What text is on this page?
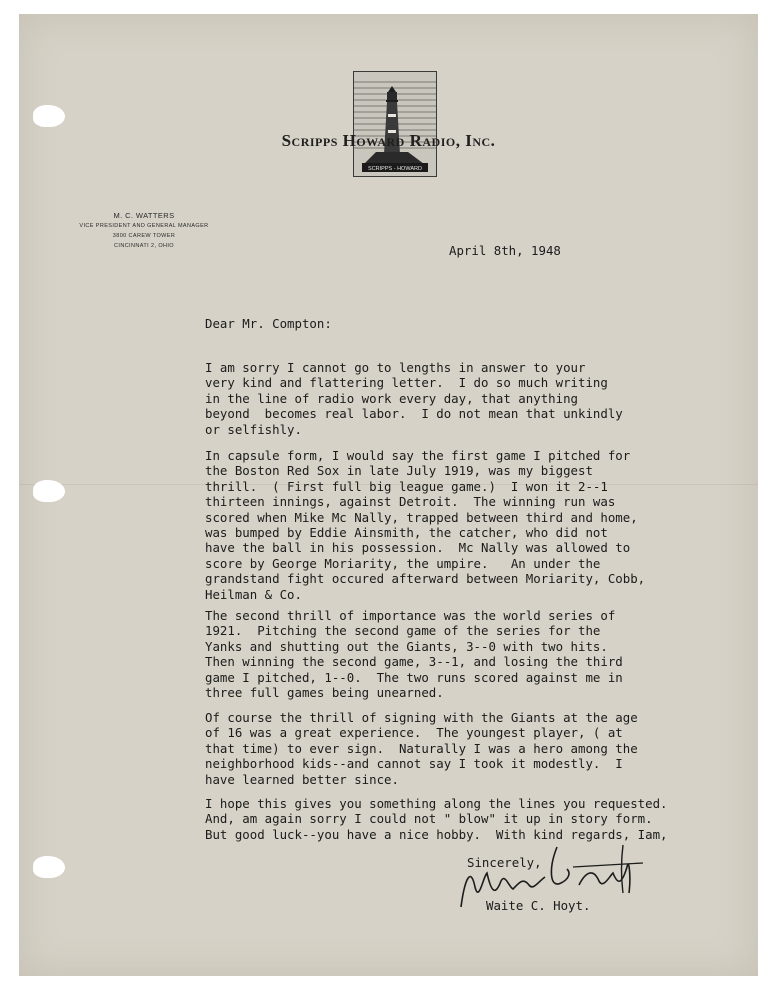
SCRIPPS - HOWARD
Scripps Howard Radio, Inc.
M. C. WATTERS
VICE PRESIDENT AND GENERAL MANAGER
3800 CAREW TOWER
CINCINNATI 2, OHIO	April 8th, 1948
Dear Mr. Compton:
I am sorry I cannot go to lengths in answer to your
very kind and flattering letter.  I do so much writing
in the line of radio work every day, that anything
beyond  becomes real labor.  I do not mean that unkindly
or selfishly.
In capsule form, I would say the first game I pitched for
the Boston Red Sox in late July 1919, was my biggest
thrill.  ( First full big league game.)  I won it 2--1
thirteen innings, against Detroit.  The winning run was
scored when Mike Mc Nally, trapped between third and home,
was bumped by Eddie Ainsmith, the catcher, who did not
have the ball in his possession.  Mc Nally was allowed to
score by George Moriarity, the umpire.   An under the
grandstand fight occured afterward between Moriarity, Cobb,
Heilman & Co.
The second thrill of importance was the world series of
1921.  Pitching the second game of the series for the
Yanks and shutting out the Giants, 3--0 with two hits.
Then winning the second game, 3--1, and losing the third
game I pitched, 1--0.  The two runs scored against me in
three full games being unearned.
Of course the thrill of signing with the Giants at the age
of 16 was a great experience.  The youngest player, ( at
that time) to ever sign.  Naturally I was a hero among the
neighborhood kids--and cannot say I took it modestly.  I
have learned better since.
I hope this gives you something along the lines you requested.
And, am again sorry I could not " blow" it up in story form.
But good luck--you have a nice hobby.  With kind regards, Iam,
Sincerely,
Waite C. Hoyt.
